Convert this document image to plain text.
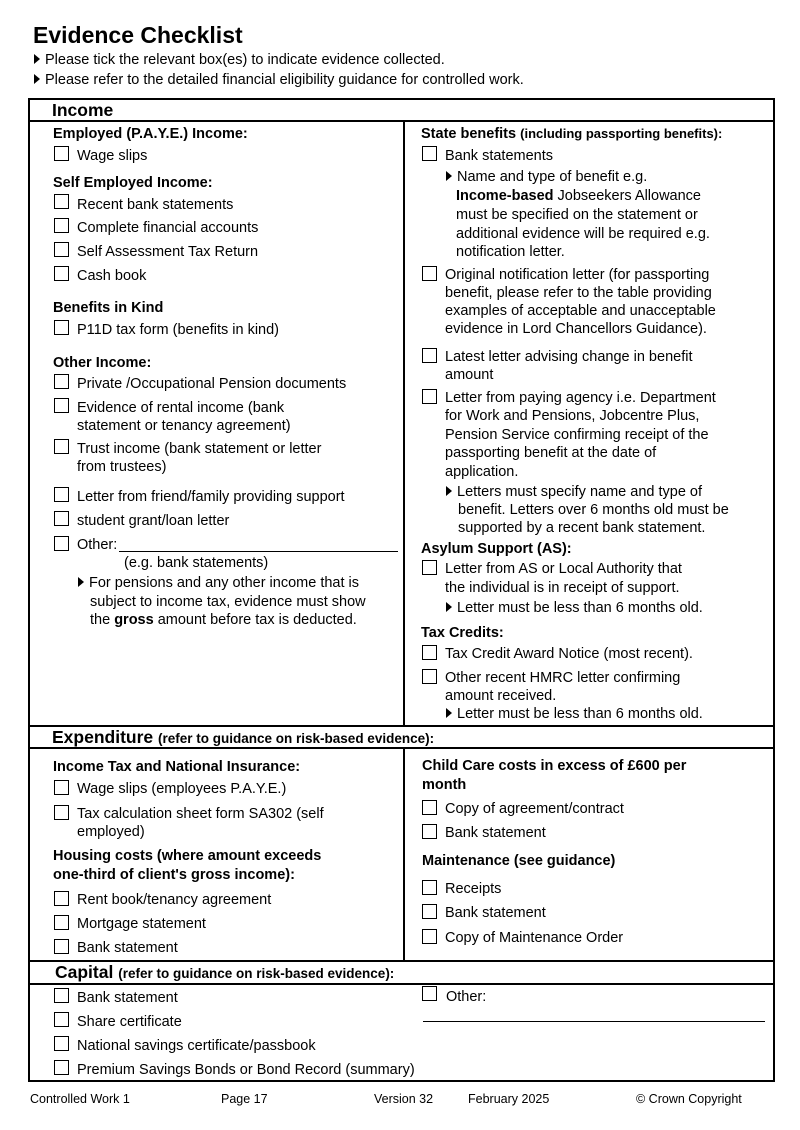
Evidence Checklist
Please tick the relevant box(es) to indicate evidence collected.
Please refer to the detailed financial eligibility guidance for controlled work.
Income
Employed (P.A.Y.E.) Income:
Wage slips
Self Employed Income:
Recent bank statements
Complete financial accounts
Self Assessment Tax Return
Cash book
Benefits in Kind
P11D tax form (benefits in kind)
Other Income:
Private /Occupational Pension documents
Evidence of rental income (bank
statement or tenancy agreement)
Trust income (bank statement or letter
from trustees)
Letter from friend/family providing support
student grant/loan letter
Other:
(e.g. bank statements)
For pensions and any other income that is
subject to income tax, evidence must show
the gross amount before tax is deducted.
State benefits (including passporting benefits):
Bank statements
Name and type of benefit e.g.
Income-based Jobseekers Allowance
must be specified on the statement or
additional evidence will be required e.g.
notification letter.
Original notification letter (for passporting
benefit, please refer to the table providing
examples of acceptable and unacceptable
evidence in Lord Chancellors Guidance).
Latest letter advising change in benefit
amount
Letter from paying agency i.e. Department
for Work and Pensions, Jobcentre Plus,
Pension Service confirming receipt of the
passporting benefit at the date of
application.
Letters must specify name and type of
benefit. Letters over 6 months old must be
supported by a recent bank statement.
Asylum Support (AS):
Letter from AS or Local Authority that
the individual is in receipt of support.
Letter must be less than 6 months old.
Tax Credits:
Tax Credit Award Notice (most recent).
Other recent HMRC letter confirming
amount received.
Letter must be less than 6 months old.
Expenditure (refer to guidance on risk-based evidence):
Income Tax and National Insurance:
Wage slips (employees P.A.Y.E.)
Tax calculation sheet form SA302 (self
employed)
Housing costs (where amount exceeds
one-third of client's gross income):
Rent book/tenancy agreement
Mortgage statement
Bank statement
Child Care costs in excess of £600 per
month
Copy of agreement/contract
Bank statement
Maintenance (see guidance)
Receipts
Bank statement
Copy of Maintenance Order
Capital (refer to guidance on risk-based evidence):
Bank statement
Share certificate
National savings certificate/passbook
Premium Savings Bonds or Bond Record (summary)
Other:
Controlled Work 1	Page 17	Version 32	February 2025	© Crown Copyright
